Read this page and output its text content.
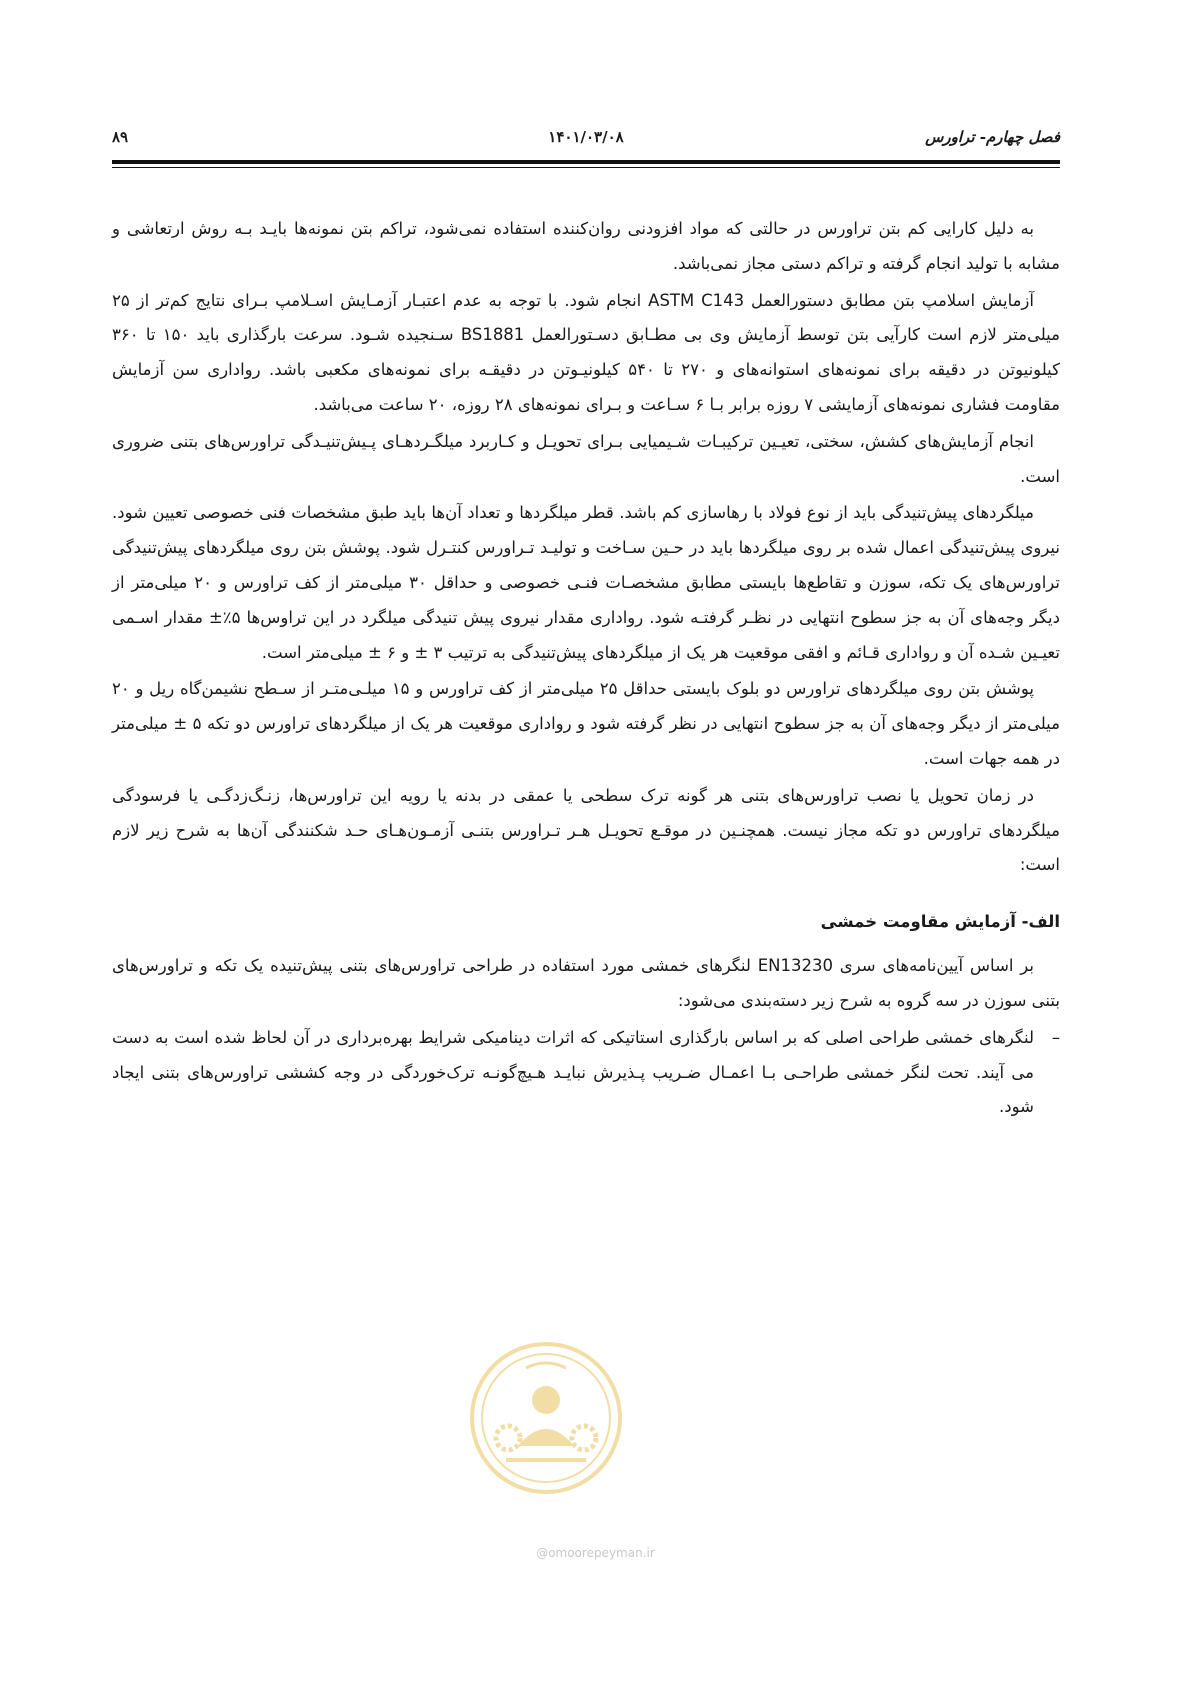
فصل چهارم- تراورس
۱۴۰۱/۰۳/۰۸
۸۹

به دلیل کارایی کم بتن تراورس در حالتی که مواد افزودنی روان‌کننده استفاده نمی‌شود، تراکم بتن نمونه‌ها بایـد بـه روش ارتعاشی و مشابه با تولید انجام گرفته و تراکم دستی مجاز نمی‌باشد.

آزمایش اسلامپ بتن مطابق دستورالعمل ASTM C143 انجام شود. با توجه به عدم اعتبـار آزمـایش اسـلامپ بـرای نتایج کم‌تر از ۲۵ میلی‌متر لازم است کارآیی بتن توسط آزمایش وی بی مطـابق دسـتورالعمل BS1881 سـنجیده شـود. سرعت بارگذاری باید ۱۵۰ تا ۳۶۰ کیلونیوتن در دقیقه برای نمونه‌های استوانه‌های و ۲۷۰ تا ۵۴۰ کیلونیـوتن در دقیقـه برای نمونه‌های مکعبی باشد. رواداری سن آزمایش مقاومت فشاری نمونه‌های آزمایشی ۷ روزه برابر بـا ۶ سـاعت و بـرای نمونه‌های ۲۸ روزه، ۲۰ ساعت می‌باشد.

انجام آزمایش‌های کشش، سختی، تعیـین ترکیبـات شـیمیایی بـرای تحویـل و کـاربرد میلگـردهـای پـیش‌تنیـدگی تراورس‌های بتنی ضروری است.

میلگردهای پیش‌تنیدگی باید از نوع فولاد با رهاسازی کم باشد. قطر میلگردها و تعداد آن‌ها باید طبق مشخصات فنی خصوصی تعیین شود. نیروی پیش‌تنیدگی اعمال شده بر روی میلگردها باید در حـین سـاخت و تولیـد تـراورس کنتـرل شود. پوشش بتن روی میلگردهای پیش‌تنیدگی تراورس‌های یک تکه، سوزن و تقاطع‌ها بایستی مطابق مشخصـات فنـی خصوصی و حداقل ۳۰ میلی‌متر از کف تراورس و ۲۰ میلی‌متر از دیگر وجه‌های آن به جز سطوح انتهایی در نظـر گرفتـه شود. رواداری مقدار نیروی پیش تنیدگی میلگرد در این تراوس‌ها ۵٪± مقدار اسـمی تعیـین شـده آن و رواداری قـائم و افقی موقعیت هر یک از میلگردهای پیش‌تنیدگی به ترتیب ۳ ± و ۶ ± میلی‌متر است.

پوشش بتن روی میلگردهای تراورس دو بلوک بایستی حداقل ۲۵ میلی‌متر از کف تراورس و ۱۵ میلـی‌متـر از سـطح نشیمن‌گاه ریل و ۲۰ میلی‌متر از دیگر وجه‌های آن به جز سطوح انتهایی در نظر گرفته شود و رواداری موقعیت هر یک از میلگردهای تراورس دو تکه ۵ ± میلی‌متر در همه جهات است.

در زمان تحویل یا نصب تراورس‌های بتنی هر گونه ترک سطحی یا عمقی در بدنه یا رویه این تراورس‌ها، زنـگ‌زدگـی یا فرسودگی میلگردهای تراورس دو تکه مجاز نیست. همچنـین در موقـع تحویـل هـر تـراورس بتنـی آزمـون‌هـای حـد شکنندگی آن‌ها به شرح زیر لازم است:

الف- آزمایش مقاومت خمشی

بر اساس آیین‌نامه‌های سری EN13230 لنگرهای خمشی مورد استفاده در طراحی تراورس‌های بتنی پیش‌تنیده یک تکه و تراورس‌های بتنی سوزن در سه گروه به شرح زیر دسته‌بندی می‌شود:

–
لنگرهای خمشی طراحی اصلی که بر اساس بارگذاری استاتیکی که اثرات دینامیکی شرایط بهره‌برداری در آن لحاظ شده است به دست می آیند. تحت لنگر خمشی طراحـی بـا اعمـال ضـریب پـذیرش نبایـد هـیچ‌گونـه ترک‌خوردگی در وجه کششی تراورس‌های بتنی ایجاد شود.
@omoorepeyman.ir
